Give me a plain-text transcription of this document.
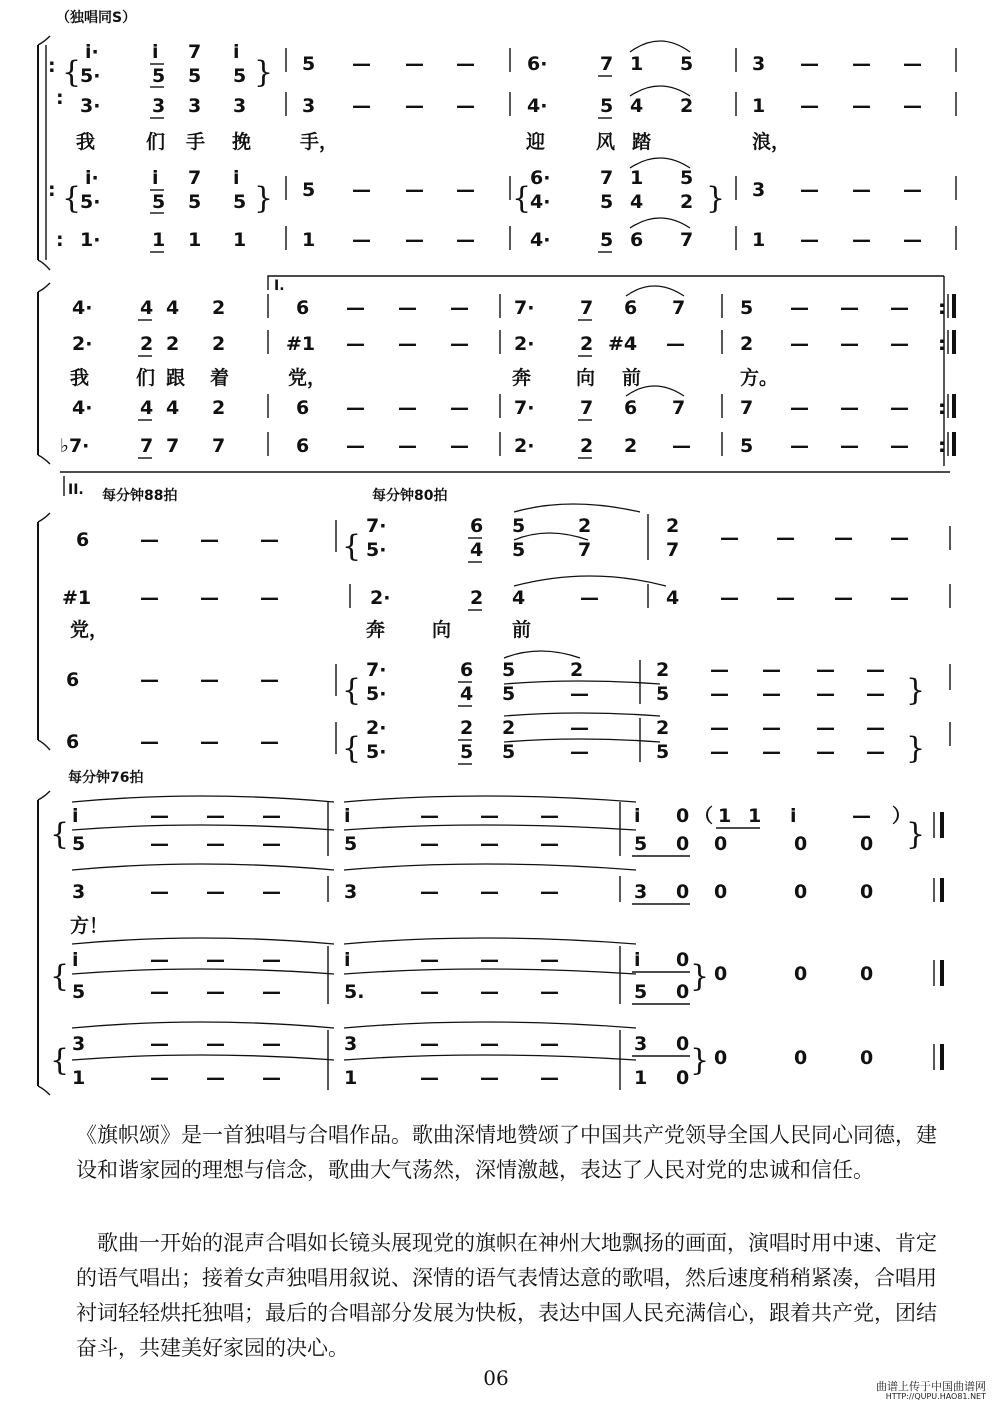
（独唱同S）
:
:
:
:
{
i·	i 7 i
5·	5 5 5 } 5 — — —	6·	7 1 5	3 — — —
3·	3 3 3	3 — — —	4·	5 4 2	1 — — —
我	们 手 挽	手，	迎	风 踏	浪，
{
i·	i 7 i
5·	5 5 5 } 5 — — — {
6·	7 1 5
4·	5 4 2 } 3 — — —
1·	1 1 1	1 — — —	4·	5 6 7	1 — — —
I.
4·	4 4 2	6 — — — 7· 7 6 7	5 — — — :
2·	2 2 2	#1 — — — 2· 2 #4 —	2 — — — :
我 们 跟 着	党，	奔 向 前	方。
4·	4 4 2	6 — — — 7· 7 6 7	7 — — — :
♭7·	7 7 7	6 — — — 2· 2 2 —	5 — — — :
II. 每分钟88拍	每分钟80拍
6	— — — {
7·	6 5	2
5·	4 5	7
2
7
— — — —
#1	— — —	2·	2 4	—	4 — — — —
党，	奔 向	前
6	— — — {
7·	6 5	2
5·	4 5	—
2
5
— — — —
— — — — }
6	— — — {
2·	2 2	—
5·	5 5	—
2
5
— — — —
— — — — }
每分钟76拍
{
i	— — —
5	— — —
i	— — —
5	— — —
i 0 （ 1 1 i	— ）
5 0 0	0	0 }
3	— — —	3	— — —	3 0 0	0	0
方！
{ i	— — —
5	— — —
i	— — —
5.	— — —
i 0
5 0 } 0	0	0
{ 3	— — —
1	— — —
3	— — —
1	— — —
3 0
1 0 } 0	0	0
《旗帜颂》是一首独唱与合唱作品。歌曲深情地赞颂了中国共产党领导全国人民同心同德，建设和谐家园的理想与信念，歌曲大气荡然，深情激越，表达了人民对党的忠诚和信任。
歌曲一开始的混声合唱如长镜头展现党的旗帜在神州大地飘扬的画面，演唱时用中速、肯定的语气唱出；接着女声独唱用叙说、深情的语气表情达意的歌唱，然后速度稍稍紧凑，合唱用衬词轻轻烘托独唱；最后的合唱部分发展为快板，表达中国人民充满信心，跟着共产党，团结奋斗，共建美好家园的决心。
06	曲谱上传于中国曲谱网
HTTP://QUPU.HAO81.NET
